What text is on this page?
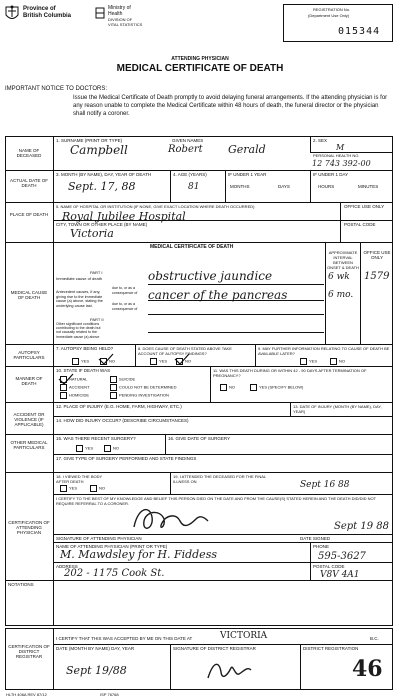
Province of
British Columbia
Ministry of
Health
DIVISION OF
VITAL STATISTICS
REGISTRATION No.
(Department Use Only)
015344
ATTENDING PHYSICIAN
MEDICAL CERTIFICATE OF DEATH
IMPORTANT NOTICE TO DOCTORS:
Issue the Medical Certificate of Death promptly to avoid delaying funeral arrangements. If the attending physician is for any reason unable to complete the Medical Certificate within 48 hours of death, the funeral director or the physician shall notify a coroner.
NAME OF DECEASED
1. SURNAME (PRINT OR TYPE)	GIVEN NAMES	2. SEX
Campbell	Robert Gerald	M
PERSONAL HEALTH NO.
12 743 392-00
ACTUAL DATE OF DEATH
3. MONTH (BY NAME), DAY, YEAR OF DEATH	4. AGE (YEARS)	IF UNDER 1 YEAR	IF UNDER 1 DAY
MONTHS	DAYS	HOURS	MINUTES
Sept. 17, 88	81
PLACE OF DEATH
5. NAME OF HOSPITAL OR INSTITUTION (IF NONE, GIVE EXACT LOCATION WHERE DEATH OCCURRED)	OFFICE USE ONLY
Royal Jubilee Hospital
CITY, TOWN OR OTHER PLACE (BY NAME)	POSTAL CODE
Victoria
MEDICAL CERTIFICATE OF DEATH
APPROXIMATE INTERVAL BETWEEN ONSET & DEATH
OFFICE USE ONLY
MEDICAL CAUSE OF DEATH
PART I
Immediate cause of death
due to, or as a consequence of
obstructive jaundice
Antecedent causes, if any, giving rise to the immediate cause (a) above, stating the underlying cause last.	due to, or as a consequence of
cancer of the pancreas
6 wk
6 mo.
1579
PART II
Other significant conditions contributing to the death but not causally related to the immediate cause (a) above
AUTOPSY PARTICULARS
7. AUTOPSY BEING HELD?	8. DOES CAUSE OF DEATH STATED ABOVE TAKE ACCOUNT OF AUTOPSY FINDINGS?
9. MAY FURTHER INFORMATION RELATING TO CAUSE OF DEATH BE AVAILABLE LATER?
YES	NO	YES	NO	YES	NO
MANNER OF DEATH
10. STATE IF DEATH WAS
NATURAL
ACCIDENT
HOMICIDE
SUICIDE
COULD NOT BE DETERMINED
PENDING INVESTIGATION
11. WAS THIS DEATH DURING OR WITHIN 42 - 90 DAYS AFTER TERMINATION OF PREGNANCY?
NO	YES (SPECIFY BELOW)
ACCIDENT OR VIOLENCE (IF APPLICABLE)
12. PLACE OF INJURY (E.G. HOME, FARM, HIGHWAY, ETC.)	13. DATE OF INJURY (MONTH (BY NAME), DAY, YEAR)
14. HOW DID INJURY OCCUR? (DESCRIBE CIRCUMSTANCES)
OTHER MEDICAL PARTICULARS
15. WAS THERE RECENT SURGERY?	16. GIVE DATE OF SURGERY
YES	NO
17. GIVE TYPE OF SURGERY PERFORMED AND STATE FINDINGS
CERTIFICATION OF ATTENDING PHYSICIAN
18. I VIEWED THE BODY AFTER DEATH
YES	NO
19. I ATTENDED THE DECEASED FOR THE FINAL ILLNESS ON	Sept 16 88
I CERTIFY TO THE BEST OF MY KNOWLEDGE AND BELIEF THIS PERSON DIED ON THE DATE AND FROM THE CAUSE(S) STATED HEREIN AND THE DEATH DID/DID NOT REQUIRE REFERRAL TO A CORONER.
SIGNATURE OF ATTENDING PHYSICIAN	DATE SIGNED
Sept 19 88
NAME OF ATTENDING PHYSICIAN (PRINT OR TYPE)	PHONE
M. Mawdsley for H. Fiddess	595-3627
ADDRESS	POSTAL CODE
202 - 1175 Cook St.	V8V 4A1
NOTATIONS
CERTIFICATION OF DISTRICT REGISTRAR
I CERTIFY THAT THIS WAS ACCEPTED BY ME ON THIS DATE AT	VICTORIA	B.C.
DATE (MONTH BY NAME) DAY, YEAR	SIGNATURE OF DISTRICT REGISTRAR	DISTRICT REGISTRATION
Sept 19/88	46
HLTH 406A REV 87/12	ISP 76768
